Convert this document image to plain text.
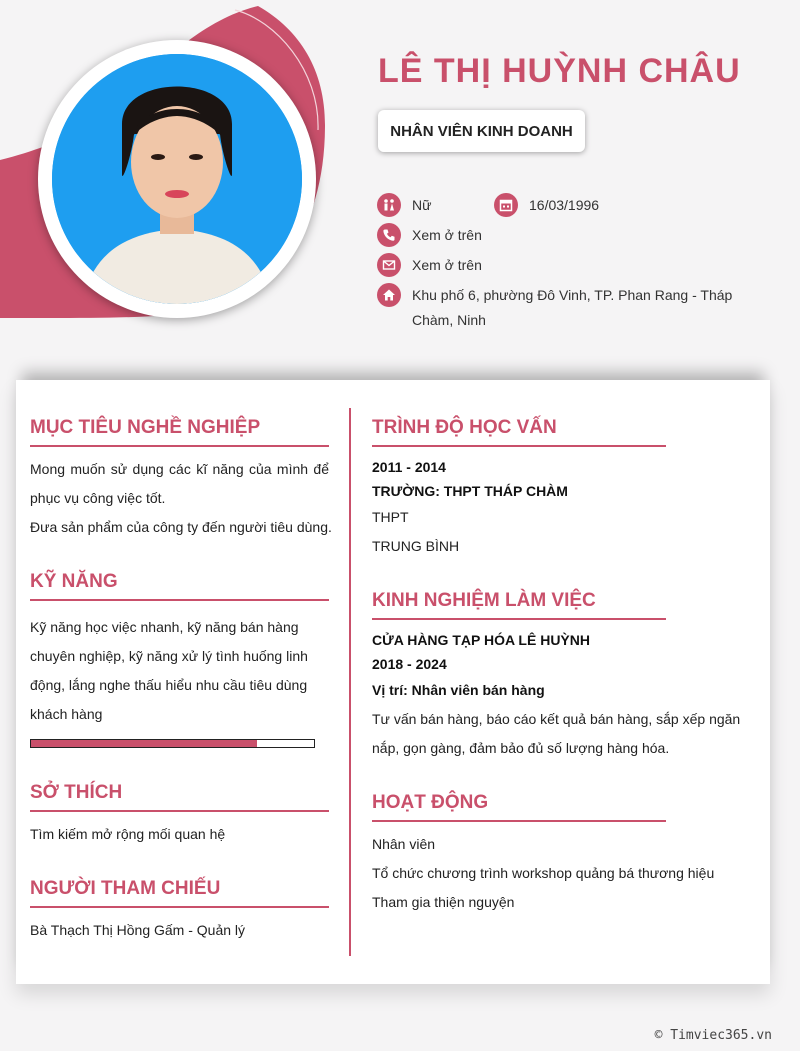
LÊ THỊ HUỲNH CHÂU
NHÂN VIÊN KINH DOANH
Nữ	16/03/1996
Xem ở trên
Xem ở trên
Khu phố 6, phường Đô Vinh, TP. Phan Rang - Tháp Chàm, Ninh
MỤC TIÊU NGHỀ NGHIỆP
Mong muốn sử dụng các kĩ năng của mình để phục vụ công việc tốt.
Đưa sản phẩm của công ty đến người tiêu dùng.
KỸ NĂNG
Kỹ năng học việc nhanh, kỹ năng bán hàng chuyên nghiệp, kỹ năng xử lý tình huống linh động, lắng nghe thấu hiểu nhu cầu tiêu dùng khách hàng
SỞ THÍCH
Tìm kiếm mở rộng mối quan hệ
NGƯỜI THAM CHIẾU
Bà Thạch Thị Hồng Gấm - Quản lý
TRÌNH ĐỘ HỌC VẤN
2011 - 2014
TRƯỜNG: THPT THÁP CHÀM
THPT
TRUNG BÌNH
KINH NGHIỆM LÀM VIỆC
CỬA HÀNG TẠP HÓA LÊ HUỲNH
2018 - 2024
Vị trí: Nhân viên bán hàng
Tư vấn bán hàng, báo cáo kết quả bán hàng, sắp xếp ngăn nắp, gọn gàng, đảm bảo đủ số lượng hàng hóa.
HOẠT ĐỘNG
Nhân viên
Tổ chức chương trình workshop quảng bá thương hiệu
Tham gia thiện nguyện
© Timviec365.vn
